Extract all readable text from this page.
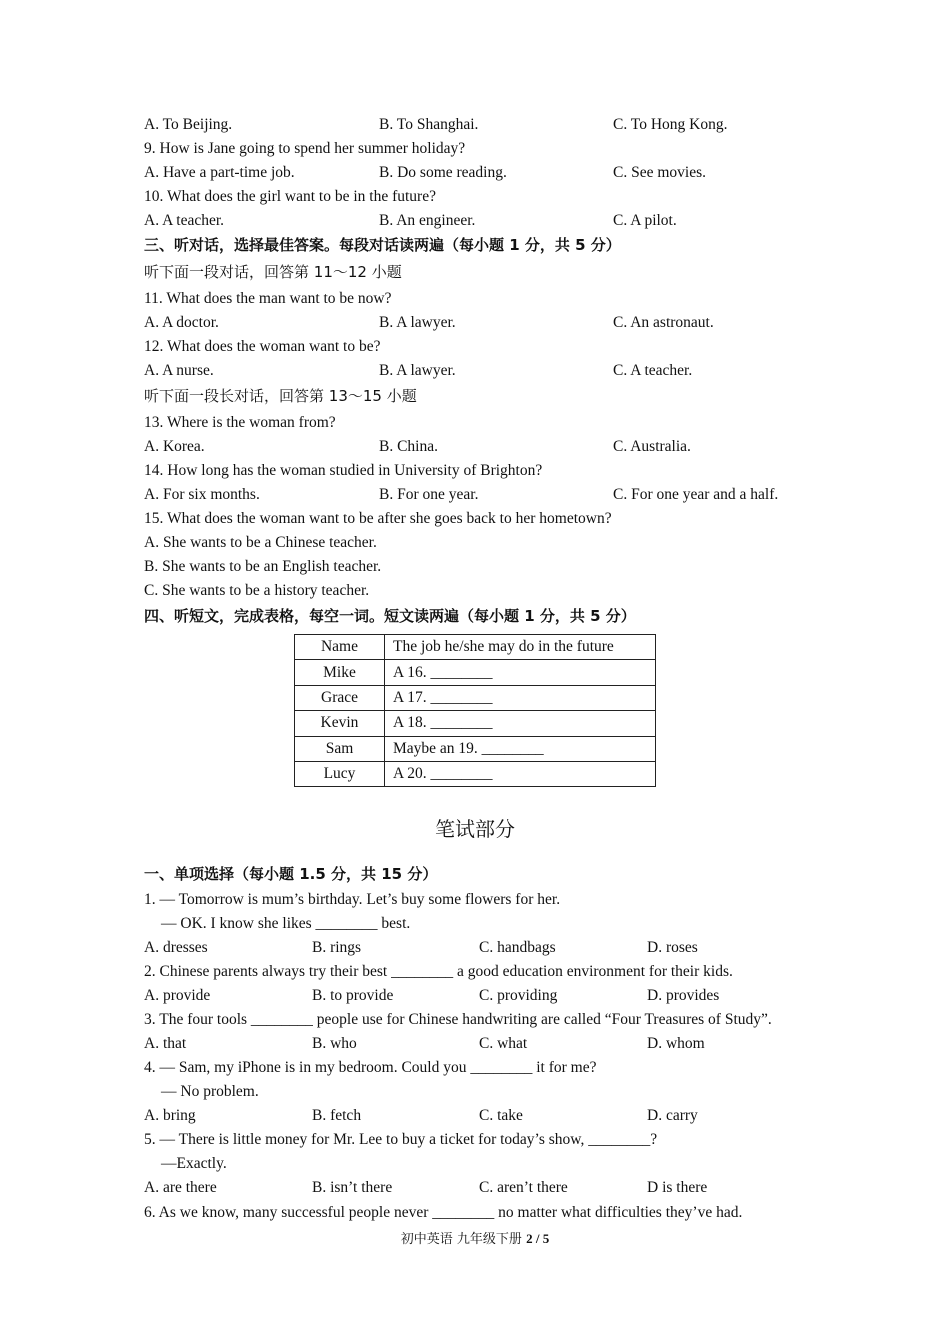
A. To Beijing.	B. To Shanghai.	C. To Hong Kong.
9. How is Jane going to spend her summer holiday?
A. Have a part-time job.	B. Do some reading.	C. See movies.
10. What does the girl want to be in the future?
A. A teacher.	B. An engineer.	C. A pilot.
三、听对话，选择最佳答案。每段对话读两遍（每小题 1 分，共 5 分）
听下面一段对话，回答第 11～12 小题
11. What does the man want to be now?
A. A doctor.	B. A lawyer.	C. An astronaut.
12. What does the woman want to be?
A. A nurse.	B. A lawyer.	C. A teacher.
听下面一段长对话，回答第 13～15 小题
13. Where is the woman from?
A. Korea.	B. China.	C. Australia.
14. How long has the woman studied in University of Brighton?
A. For six months.	B. For one year.	C. For one year and a half.
15. What does the woman want to be after she goes back to her hometown?
A. She wants to be a Chinese teacher.
B. She wants to be an English teacher.
C. She wants to be a history teacher.
四、听短文，完成表格，每空一词。短文读两遍（每小题 1 分，共 5 分）
Name	The job he/she may do in the future
Mike	A 16. ________
Grace	A 17. ________
Kevin	A 18. ________
Sam	Maybe an 19. ________
Lucy	A 20. ________
笔试部分
一、单项选择（每小题 1.5 分，共 15 分）
1. — Tomorrow is mum’s birthday. Let’s buy some flowers for her.
— OK. I know she likes ________ best.
A. dresses	B. rings	C. handbags	D. roses
2. Chinese parents always try their best ________ a good education environment for their kids.
A. provide	B. to provide	C. providing	D. provides
3. The four tools ________ people use for Chinese handwriting are called “Four Treasures of Study”.
A. that	B. who	C. what	D. whom
4. — Sam, my iPhone is in my bedroom. Could you ________ it for me?
— No problem.
A. bring	B. fetch	C. take	D. carry
5. — There is little money for Mr. Lee to buy a ticket for today’s show, ________?
—Exactly.
A. are there	B. isn’t there	C. aren’t there	D is there
6. As we know, many successful people never ________ no matter what difficulties they’ve had.
初中英语 九年级下册 2 / 5
